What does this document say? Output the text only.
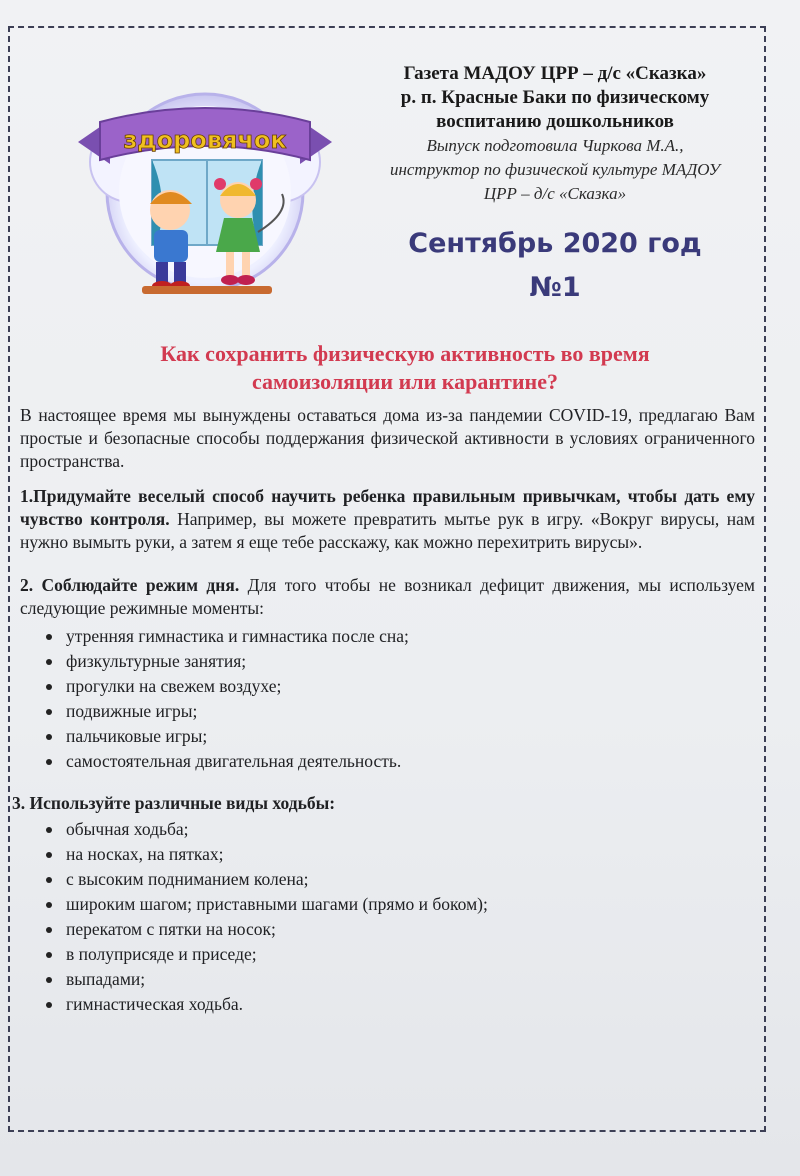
здоровячок
Газета МАДОУ ЦРР – д/с «Сказка»
р. п. Красные Баки по физическому
воспитанию дошкольников
Выпуск подготовила Чиркова М.А.,
инструктор по физической культуре МАДОУ
ЦРР – д/с «Сказка»
Сентябрь 2020 год
№1
Как сохранить физическую активность во время
самоизоляции или карантине?

В настоящее время мы вынуждены оставаться дома из-за пандемии COVID-19, предлагаю Вам простые и безопасные способы поддержания физической активности в условиях ограниченного пространства.

1.Придумайте веселый способ научить ребенка правильным привычкам, чтобы дать ему чувство контроля. Например, вы можете превратить мытье рук в игру. «Вокруг вирусы, нам нужно вымыть руки, а затем я еще тебе расскажу, как можно перехитрить вирусы».

2. Соблюдайте режим дня. Для того чтобы не возникал дефицит движения, мы используем следующие режимные моменты:

утренняя гимнастика и гимнастика после сна;
физкультурные занятия;
прогулки на свежем воздухе;
подвижные игры;
пальчиковые игры;
самостоятельная двигательная деятельность.
3. Используйте различные виды ходьбы:
обычная ходьба;
на носках, на пятках;
с высоким подниманием колена;
широким шагом; приставными шагами (прямо и боком);
перекатом с пятки на носок;
в полуприсяде и приседе;
выпадами;
гимнастическая ходьба.
